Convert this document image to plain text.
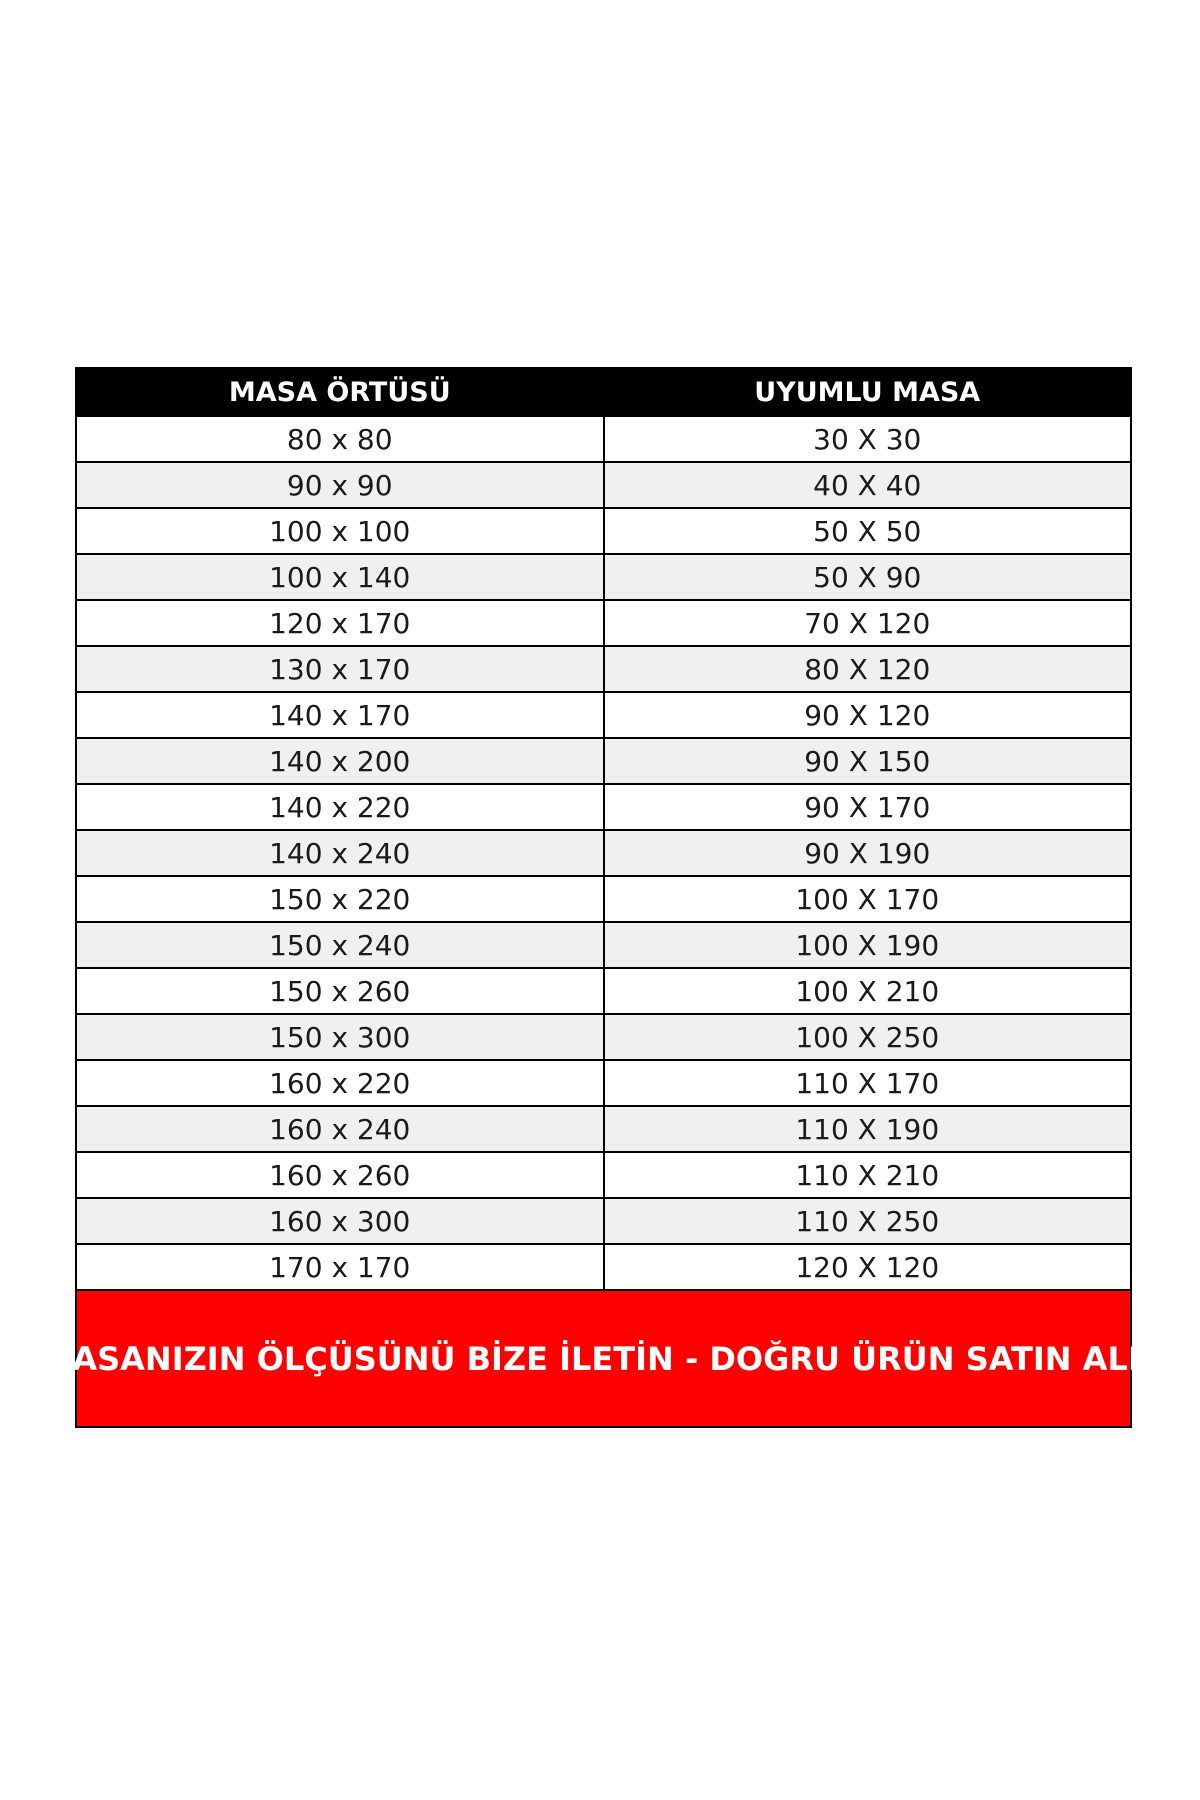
MASA ÖRTÜSÜ	UYUMLU MASA
80 x 80	30 X 30
90 x 90	40 X 40
100 x 100	50 X 50
100 x 140	50 X 90
120 x 170	70 X 120
130 x 170	80 X 120
140 x 170	90 X 120
140 x 200	90 X 150
140 x 220	90 X 170
140 x 240	90 X 190
150 x 220	100 X 170
150 x 240	100 X 190
150 x 260	100 X 210
150 x 300	100 X 250
160 x 220	110 X 170
160 x 240	110 X 190
160 x 260	110 X 210
160 x 300	110 X 250
170 x 170	120 X 120
MASANIZIN ÖLÇÜSÜNÜ BİZE İLETİN - DOĞRU ÜRÜN SATIN ALIN
